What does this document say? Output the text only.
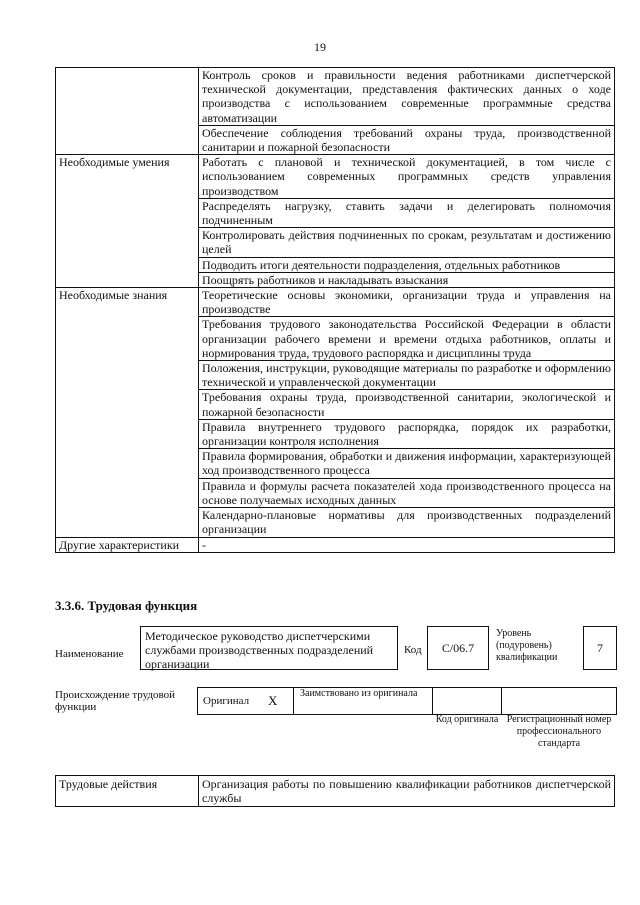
19
	Контроль сроков и правильности ведения работниками диспетчерской технической документации, представления фактических данных о ходе производства с использованием современные программные средства автоматизации
	Обеспечение соблюдения требований охраны труда, производственной санитарии и пожарной безопасности
Необходимые умения	Работать с плановой и технической документацией, в том числе с использованием современных программных средств управления производством
	Распределять нагрузку, ставить задачи и делегировать полномочия подчиненным
	Контролировать действия подчиненных по срокам, результатам и достижению целей
	Подводить итоги деятельности подразделения, отдельных работников
	Поощрять работников и накладывать взыскания
Необходимые знания	Теоретические основы экономики, организации труда и управления на производстве
	Требования трудового законодательства Российской Федерации в области организации рабочего времени и времени отдыха работников, оплаты и нормирования труда, трудового распорядка и дисциплины труда
	Положения, инструкции, руководящие материалы по разработке и оформлению технической и управленческой документации
	Требования охраны труда, производственной санитарии, экологической и пожарной безопасности
	Правила внутреннего трудового распорядка, порядок их разработки, организации контроля исполнения
	Правила формирования, обработки и движения информации, характеризующей ход производственного процесса
	Правила и формулы расчета показателей хода производственного процесса на основе получаемых исходных данных
	Календарно-плановые нормативы для производственных подразделений организации
Другие характеристики	-
3.3.6. Трудовая функция
Наименование
Методическое руководство диспетчерскими службами производственных подразделений организации
Код	C/06.7
Уровень (подуровень) квалификации
7
Происхождение трудовой функции	Оригинал X Заимствовано из оригинала
Код оригинала Регистрационный номер профессионального стандарта
Трудовые действия	Организация работы по повышению квалификации работников диспетчерской службы
